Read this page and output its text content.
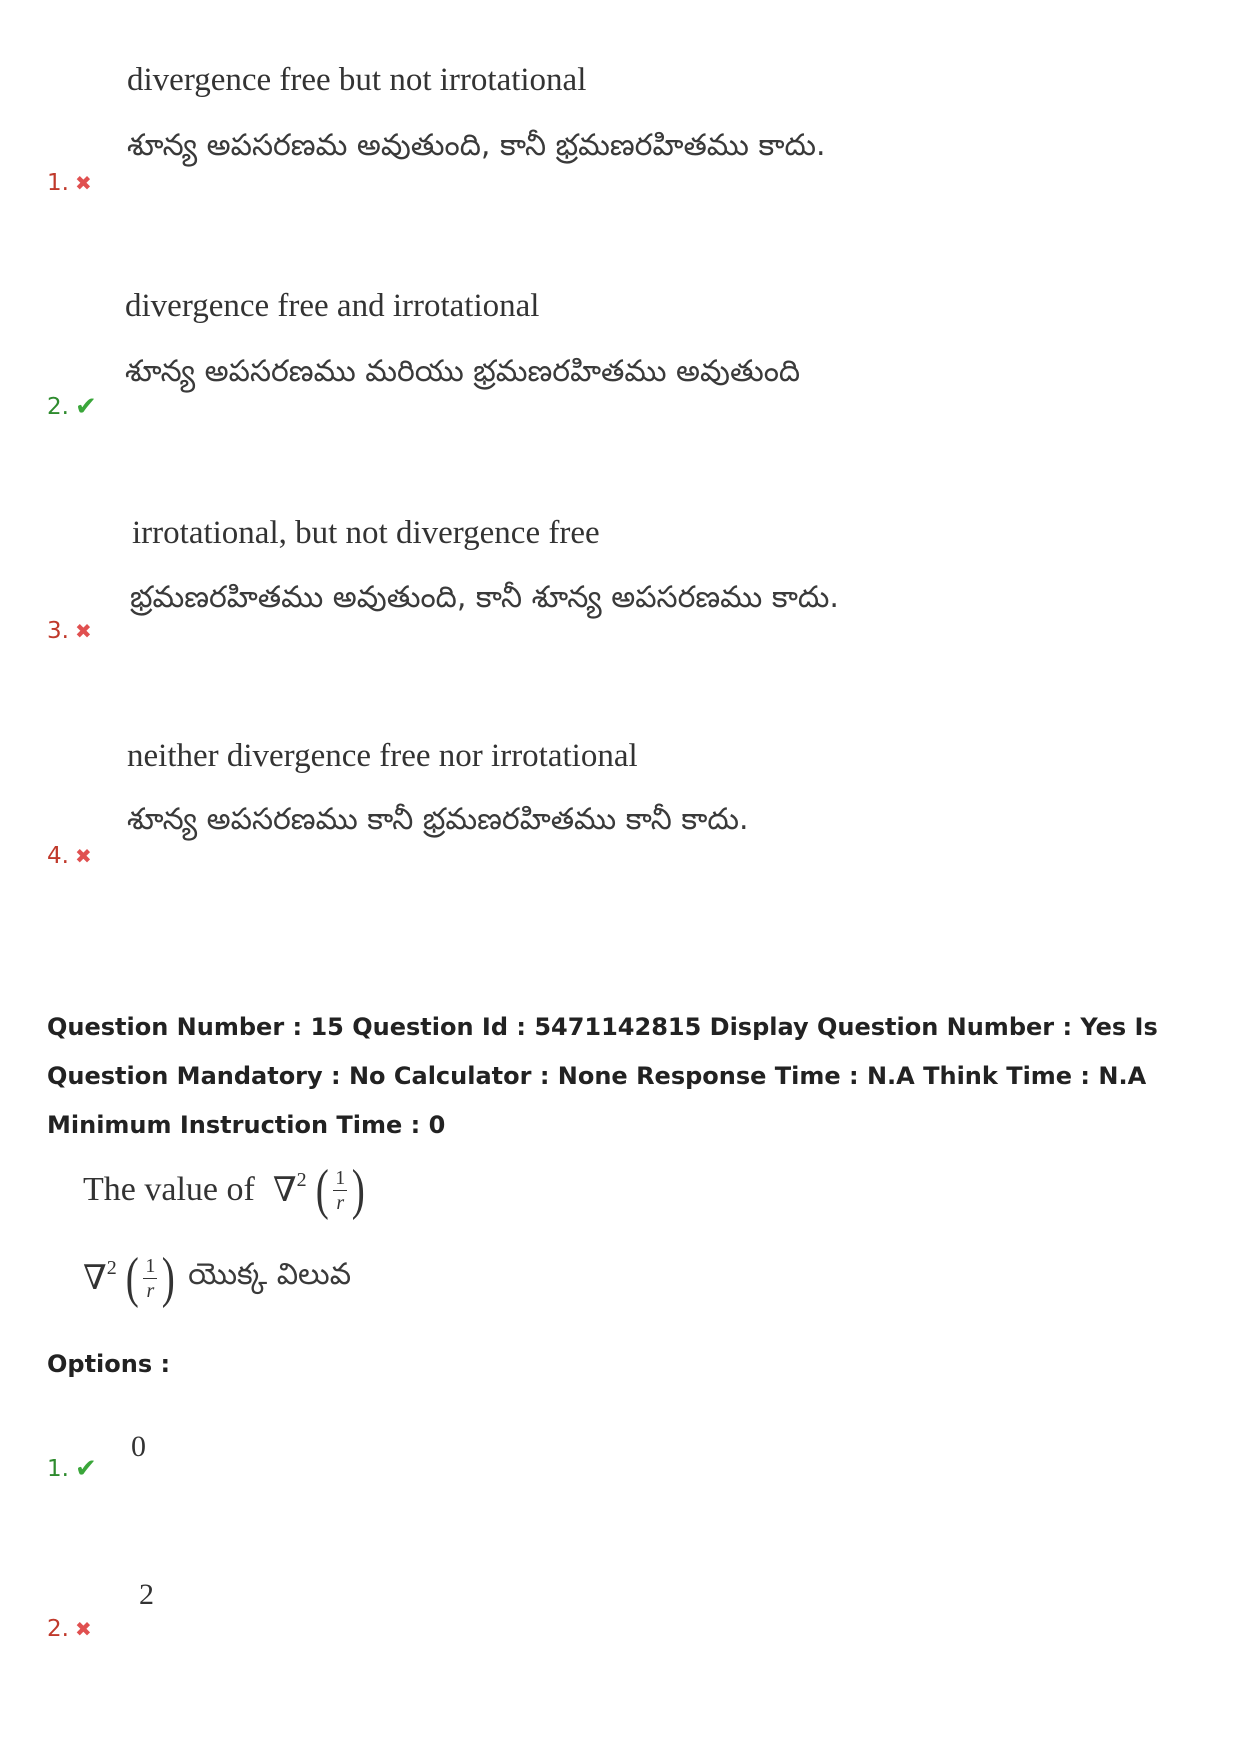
divergence free but not irrotational
శూన్య అపసరణమ అవుతుంది, కానీ భ్రమణరహితము కాదు.
1. ✖
divergence free and irrotational
శూన్య అపసరణము మరియు భ్రమణరహితము అవుతుంది
2. ✔
irrotational, but not divergence free
భ్రమణరహితము అవుతుంది, కానీ శూన్య అపసరణము కాదు.
3. ✖
neither divergence free nor irrotational
శూన్య అపసరణము కానీ భ్రమణరహితము కానీ కాదు.
4. ✖
Question Number : 15 Question Id : 5471142815 Display Question Number : Yes Is Question Mandatory : No Calculator : None Response Time : N.A Think Time : N.A Minimum Instruction Time : 0
The value of ∇$^2$ ( $\frac{1}{r}$ )
∇$^2$ ( $\frac{1}{r}$ ) యొక్క విలువ
Options :
0
1. ✔
2
2. ✖
